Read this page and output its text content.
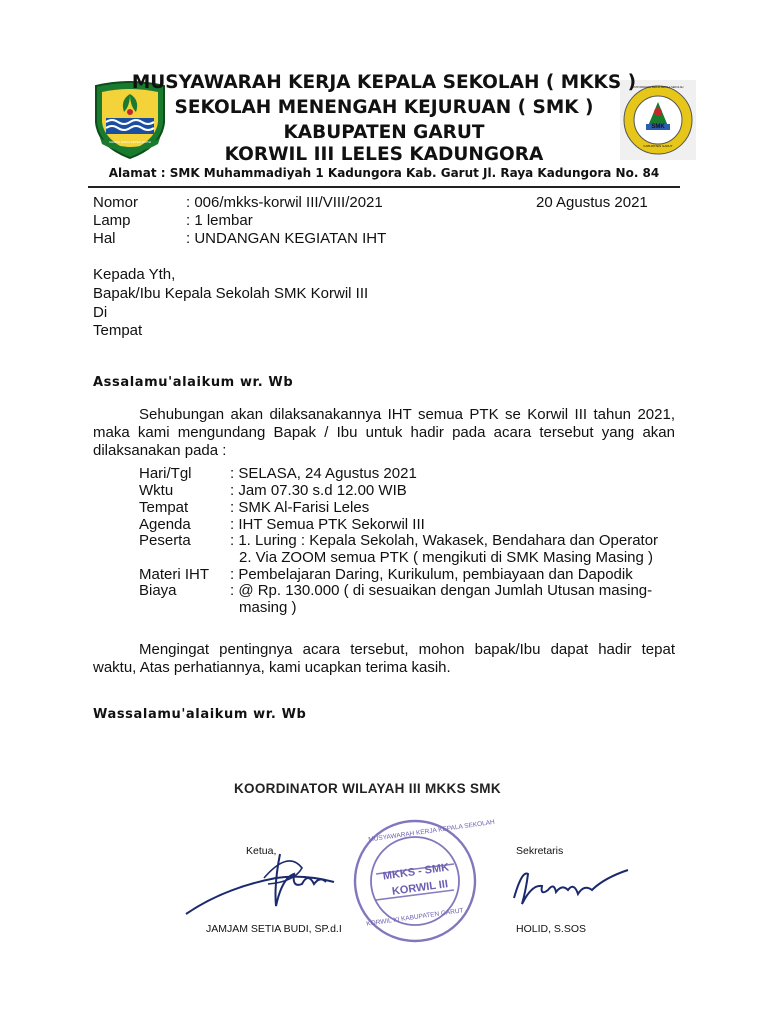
GEMAH RIPAH REPEH RAPIH
SMK
MUSYAWARAH KERJA KEPALA SEKOLAH
KABUPATEN GARUT
MUSYAWARAH KERJA KEPALA SEKOLAH ( MKKS )
SEKOLAH MENENGAH KEJURUAN ( SMK )
KABUPATEN GARUT
KORWIL III LELES KADUNGORA
Alamat : SMK Muhammadiyah 1 Kadungora Kab. Garut Jl. Raya Kadungora No. 84
Nomor	: 006/mkks-korwil III/VIII/2021	20 Agustus 2021
Lamp	: 1 lembar
Hal	: UNDANGAN KEGIATAN IHT
Kepada Yth,
Bapak/Ibu Kepala Sekolah SMK Korwil III
Di
Tempat
Assalamu'alaikum wr. Wb
Sehubungan akan dilaksanakannya IHT semua PTK se Korwil III tahun 2021, maka kami mengundang Bapak / Ibu untuk hadir pada acara tersebut yang akan dilaksanakan pada :
Hari/Tgl	: SELASA, 24 Agustus 2021
Wktu	: Jam 07.30 s.d 12.00 WIB
Tempat	: SMK Al-Farisi Leles
Agenda	: IHT Semua PTK Sekorwil III
Peserta	: 1. Luring : Kepala Sekolah, Wakasek, Bendahara dan Operator
2. Via ZOOM semua PTK ( mengikuti di SMK Masing Masing )
Materi IHT : Pembelajaran Daring, Kurikulum, pembiayaan dan Dapodik
Biaya	: @ Rp. 130.000 ( di sesuaikan dengan Jumlah Utusan masing-
masing )
Mengingat pentingnya acara tersebut, mohon bapak/Ibu dapat hadir tepat waktu, Atas perhatiannya, kami ucapkan terima kasih.
Wassalamu'alaikum wr. Wb
KOORDINATOR WILAYAH III MKKS SMK
Ketua,
JAMJAM SETIA BUDI, SP.d.I
MUSYAWARAH KERJA KEPALA SEKOLAH
MKKS - SMK
KORWIL III
KORWIL XI KABUPATEN GARUT
Sekretaris
HOLID, S.SOS
